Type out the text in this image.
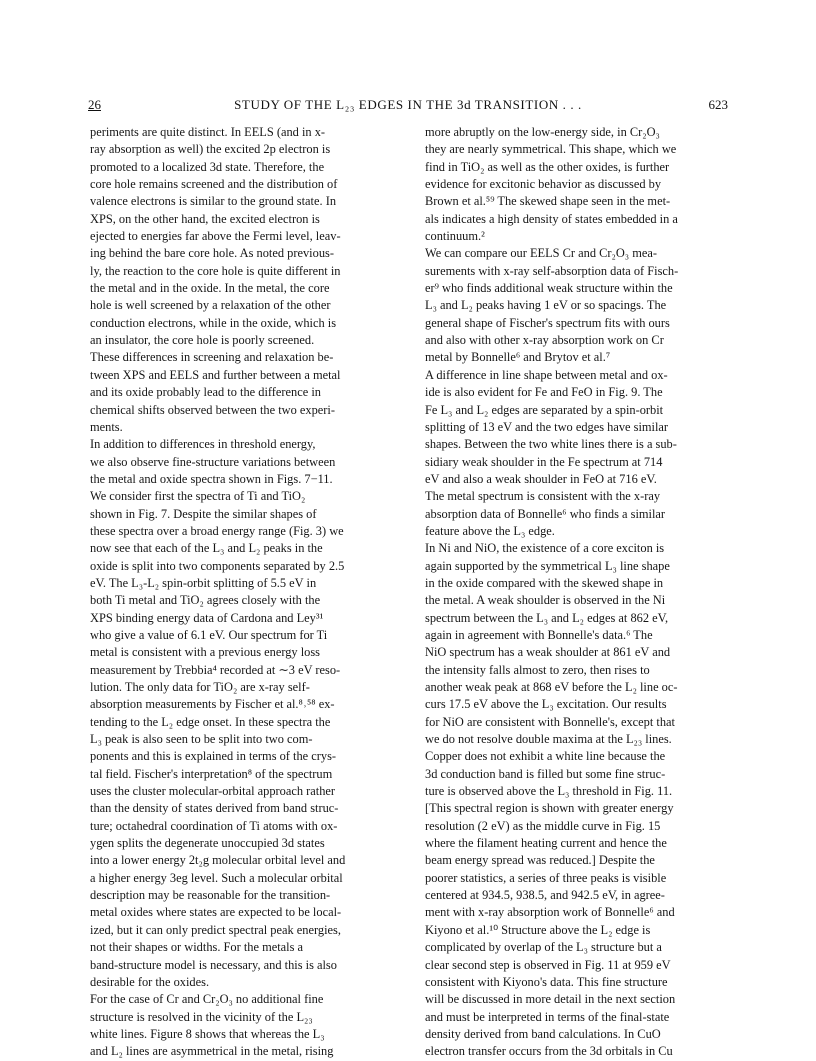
26	STUDY OF THE L₂₃ EDGES IN THE 3d TRANSITION . . .	623
periments are quite distinct. In EELS (and in x-
ray absorption as well) the excited 2p electron is
promoted to a localized 3d state. Therefore, the
core hole remains screened and the distribution of
valence electrons is similar to the ground state. In
XPS, on the other hand, the excited electron is
ejected to energies far above the Fermi level, leav-
ing behind the bare core hole. As noted previous-
ly, the reaction to the core hole is quite different in
the metal and in the oxide. In the metal, the core
hole is well screened by a relaxation of the other
conduction electrons, while in the oxide, which is
an insulator, the core hole is poorly screened.
These differences in screening and relaxation be-
tween XPS and EELS and further between a metal
and its oxide probably lead to the difference in
chemical shifts observed between the two experi-
ments.
In addition to differences in threshold energy,
we also observe fine-structure variations between
the metal and oxide spectra shown in Figs. 7−11.
We consider first the spectra of Ti and TiO₂
shown in Fig. 7. Despite the similar shapes of
these spectra over a broad energy range (Fig. 3) we
now see that each of the L₃ and L₂ peaks in the
oxide is split into two components separated by 2.5
eV. The L₃-L₂ spin-orbit splitting of 5.5 eV in
both Ti metal and TiO₂ agrees closely with the
XPS binding energy data of Cardona and Ley³¹
who give a value of 6.1 eV. Our spectrum for Ti
metal is consistent with a previous energy loss
measurement by Trebbia⁴ recorded at ∼3 eV reso-
lution. The only data for TiO₂ are x-ray self-
absorption measurements by Fischer et al.⁸˒⁵⁸ ex-
tending to the L₂ edge onset. In these spectra the
L₃ peak is also seen to be split into two com-
ponents and this is explained in terms of the crys-
tal field. Fischer's interpretation⁸ of the spectrum
uses the cluster molecular-orbital approach rather
than the density of states derived from band struc-
ture; octahedral coordination of Ti atoms with ox-
ygen splits the degenerate unoccupied 3d states
into a lower energy 2t₂g molecular orbital level and
a higher energy 3eg level. Such a molecular orbital
description may be reasonable for the transition-
metal oxides where states are expected to be local-
ized, but it can only predict spectral peak energies,
not their shapes or widths. For the metals a
band-structure model is necessary, and this is also
desirable for the oxides.
For the case of Cr and Cr₂O₃ no additional fine
structure is resolved in the vicinity of the L₂₃
white lines. Figure 8 shows that whereas the L₃
and L₂ lines are asymmetrical in the metal, rising
more abruptly on the low-energy side, in Cr₂O₃
they are nearly symmetrical. This shape, which we
find in TiO₂ as well as the other oxides, is further
evidence for excitonic behavior as discussed by
Brown et al.⁵⁹ The skewed shape seen in the met-
als indicates a high density of states embedded in a
continuum.²
We can compare our EELS Cr and Cr₂O₃ mea-
surements with x-ray self-absorption data of Fisch-
er⁹ who finds additional weak structure within the
L₃ and L₂ peaks having 1 eV or so spacings. The
general shape of Fischer's spectrum fits with ours
and also with other x-ray absorption work on Cr
metal by Bonnelle⁶ and Brytov et al.⁷
A difference in line shape between metal and ox-
ide is also evident for Fe and FeO in Fig. 9. The
Fe L₃ and L₂ edges are separated by a spin-orbit
splitting of 13 eV and the two edges have similar
shapes. Between the two white lines there is a sub-
sidiary weak shoulder in the Fe spectrum at 714
eV and also a weak shoulder in FeO at 716 eV.
The metal spectrum is consistent with the x-ray
absorption data of Bonnelle⁶ who finds a similar
feature above the L₃ edge.
In Ni and NiO, the existence of a core exciton is
again supported by the symmetrical L₃ line shape
in the oxide compared with the skewed shape in
the metal. A weak shoulder is observed in the Ni
spectrum between the L₃ and L₂ edges at 862 eV,
again in agreement with Bonnelle's data.⁶ The
NiO spectrum has a weak shoulder at 861 eV and
the intensity falls almost to zero, then rises to
another weak peak at 868 eV before the L₂ line oc-
curs 17.5 eV above the L₃ excitation. Our results
for NiO are consistent with Bonnelle's, except that
we do not resolve double maxima at the L₂₃ lines.
Copper does not exhibit a white line because the
3d conduction band is filled but some fine struc-
ture is observed above the L₃ threshold in Fig. 11.
[This spectral region is shown with greater energy
resolution (2 eV) as the middle curve in Fig. 15
where the filament heating current and hence the
beam energy spread was reduced.] Despite the
poorer statistics, a series of three peaks is visible
centered at 934.5, 938.5, and 942.5 eV, in agree-
ment with x-ray absorption work of Bonnelle⁶ and
Kiyono et al.¹⁰ Structure above the L₂ edge is
complicated by overlap of the L₃ structure but a
clear second step is observed in Fig. 11 at 959 eV
consistent with Kiyono's data. This fine structure
will be discussed in more detail in the next section
and must be interpreted in terms of the final-state
density derived from band calculations. In CuO
electron transfer occurs from the 3d orbitals in Cu
